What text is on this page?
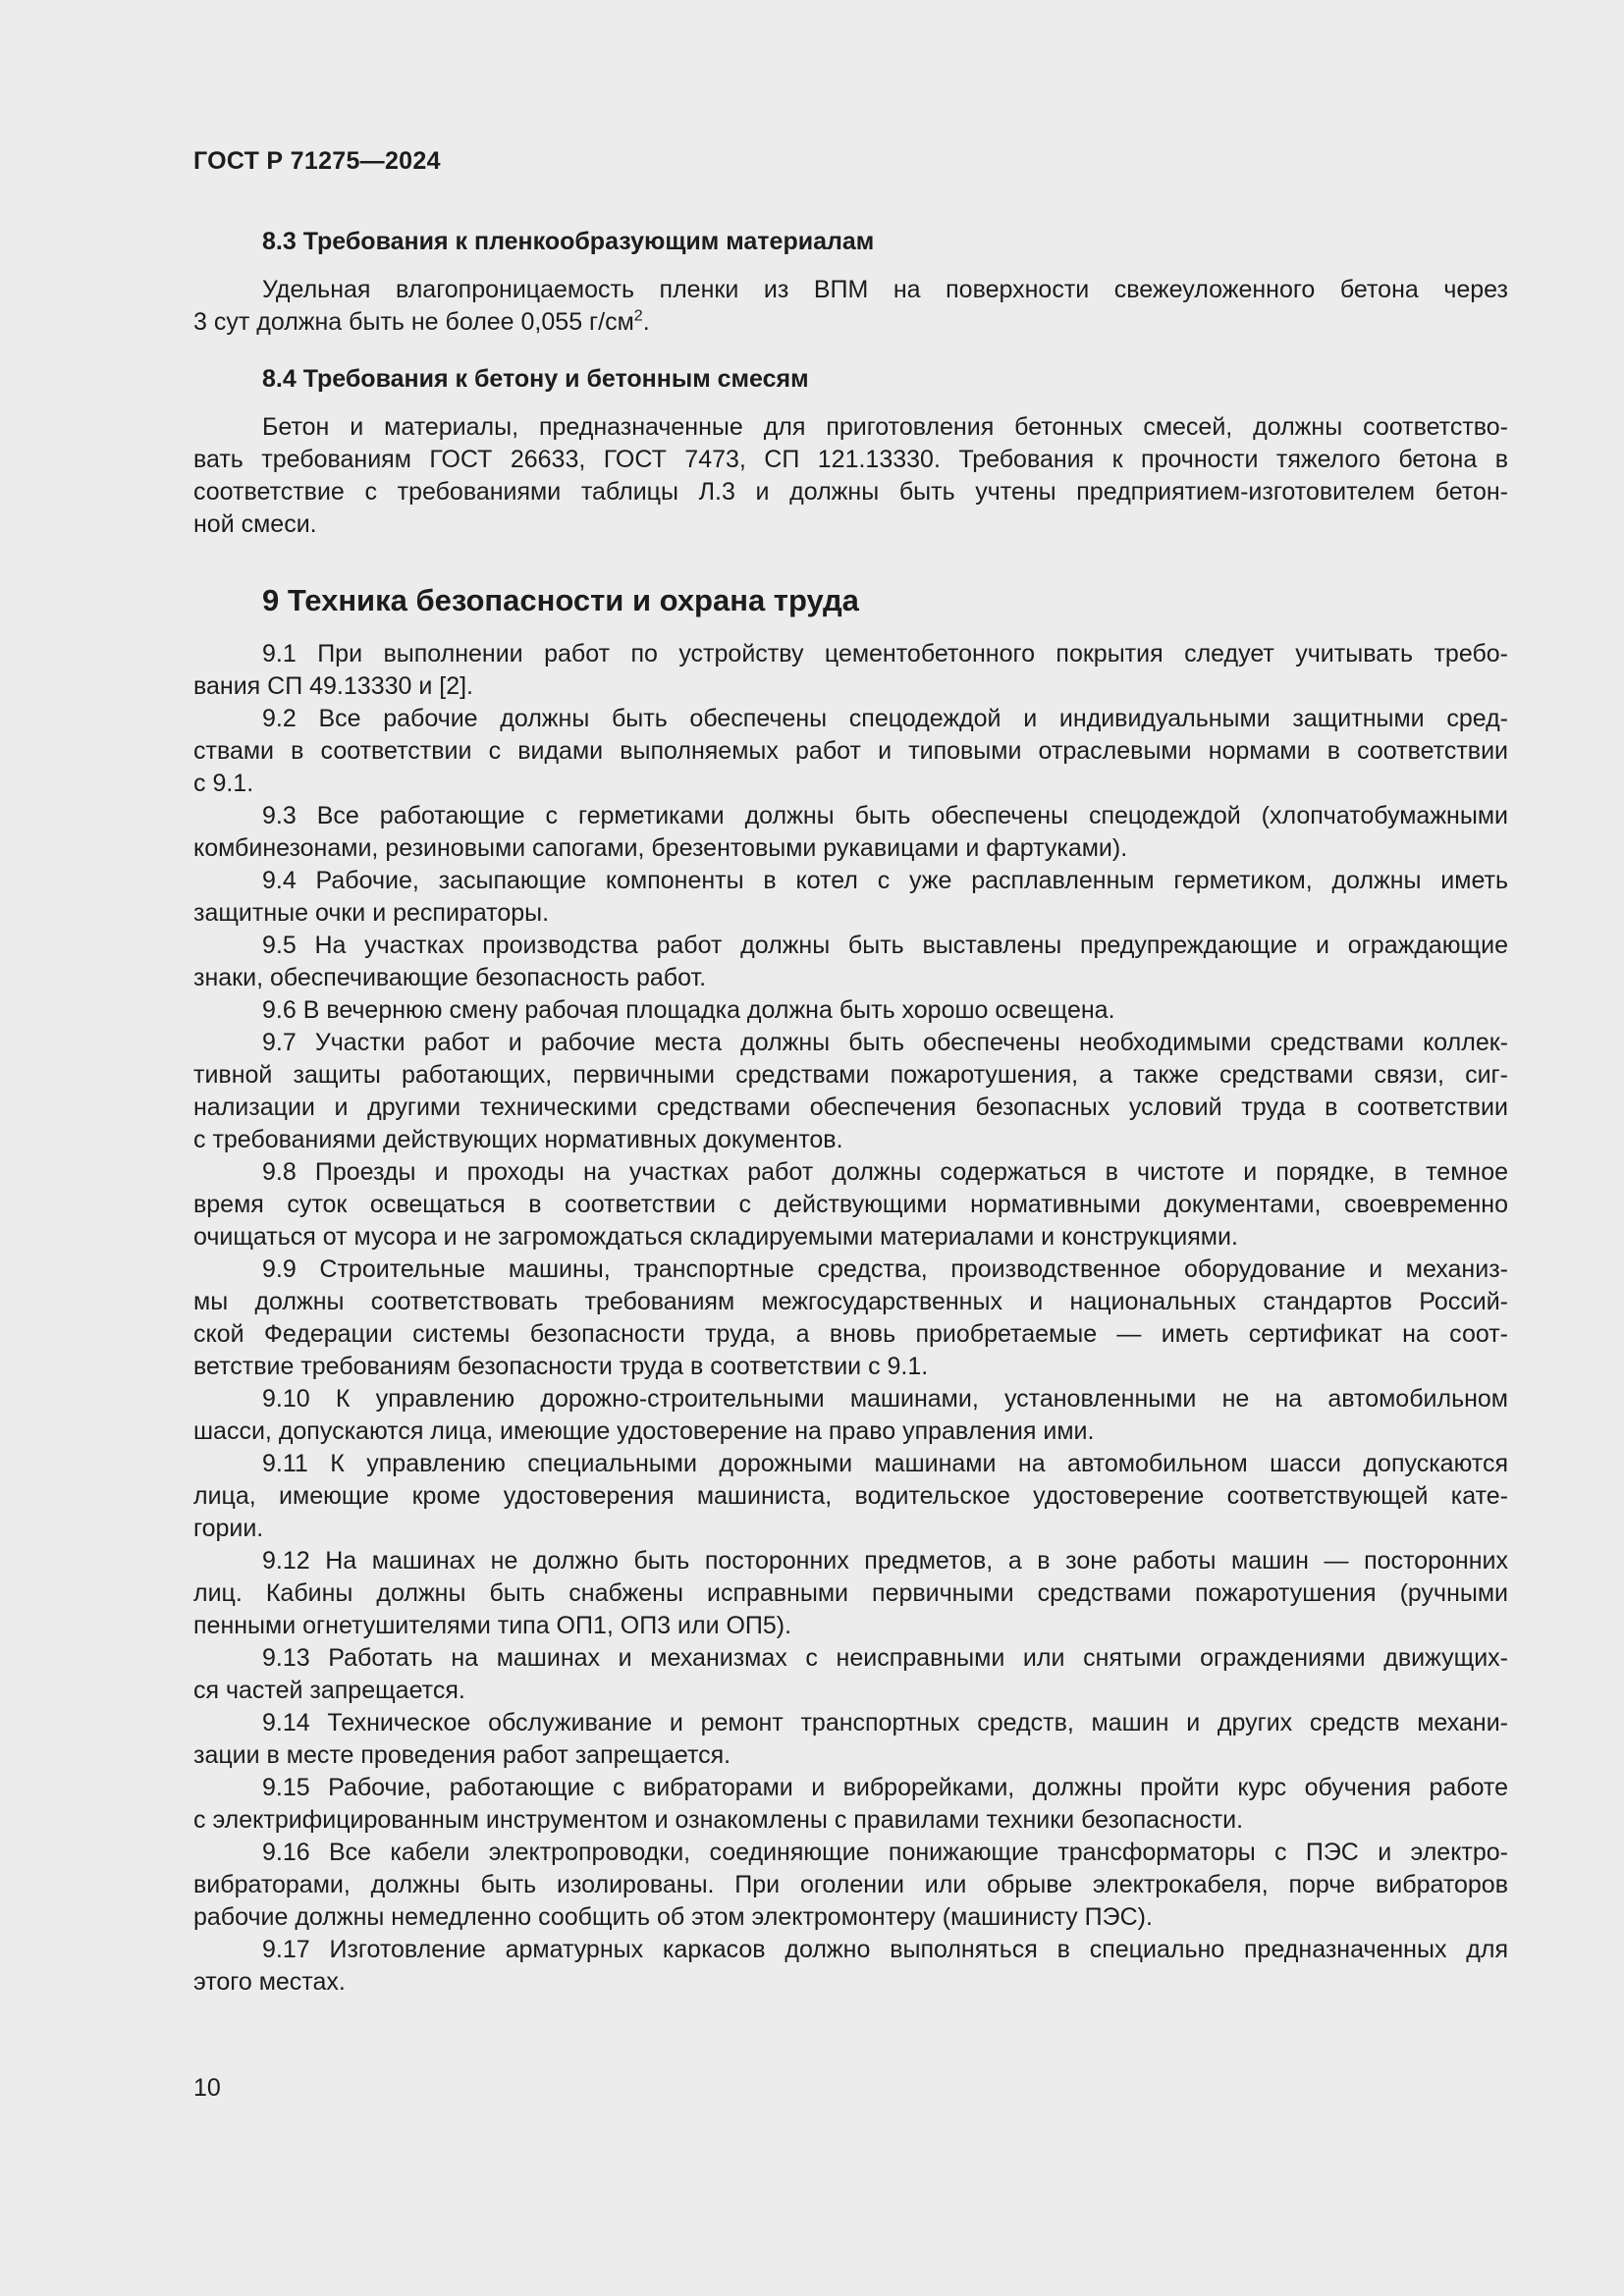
ГОСТ Р 71275—2024
8.3 Требования к пленкообразующим материалам
Удельная влагопроницаемость пленки из ВПМ на поверхности свежеуложенного бетона через
3 сут должна быть не более 0,055 $г/см^2$.
8.4 Требования к бетону и бетонным смесям
Бетон и материалы, предназначенные для приготовления бетонных смесей, должны соответство-
вать требованиям ГОСТ 26633, ГОСТ 7473, СП 121.13330. Требования к прочности тяжелого бетона в
соответствие с требованиями таблицы Л.3 и должны быть учтены предприятием-изготовителем бетон-
ной смеси.
9 Техника безопасности и охрана труда
9.1 При выполнении работ по устройству цементобетонного покрытия следует учитывать требо-
вания СП 49.13330 и [2].
9.2 Все рабочие должны быть обеспечены спецодеждой и индивидуальными защитными сред-
ствами в соответствии с видами выполняемых работ и типовыми отраслевыми нормами в соответствии
с 9.1.
9.3 Все работающие с герметиками должны быть обеспечены спецодеждой (хлопчатобумажными
комбинезонами, резиновыми сапогами, брезентовыми рукавицами и фартуками).
9.4 Рабочие, засыпающие компоненты в котел с уже расплавленным герметиком, должны иметь
защитные очки и респираторы.
9.5 На участках производства работ должны быть выставлены предупреждающие и ограждающие
знаки, обеспечивающие безопасность работ.
9.6 В вечернюю смену рабочая площадка должна быть хорошо освещена.
9.7 Участки работ и рабочие места должны быть обеспечены необходимыми средствами коллек-
тивной защиты работающих, первичными средствами пожаротушения, а также средствами связи, сиг-
нализации и другими техническими средствами обеспечения безопасных условий труда в соответствии
с требованиями действующих нормативных документов.
9.8 Проезды и проходы на участках работ должны содержаться в чистоте и порядке, в темное
время суток освещаться в соответствии с действующими нормативными документами, своевременно
очищаться от мусора и не загромождаться складируемыми материалами и конструкциями.
9.9 Строительные машины, транспортные средства, производственное оборудование и механиз-
мы должны соответствовать требованиям межгосударственных и национальных стандартов Россий-
ской Федерации системы безопасности труда, а вновь приобретаемые — иметь сертификат на соот-
ветствие требованиям безопасности труда в соответствии с 9.1.
9.10 К управлению дорожно-строительными машинами, установленными не на автомобильном
шасси, допускаются лица, имеющие удостоверение на право управления ими.
9.11 К управлению специальными дорожными машинами на автомобильном шасси допускаются
лица, имеющие кроме удостоверения машиниста, водительское удостоверение соответствующей кате-
гории.
9.12 На машинах не должно быть посторонних предметов, а в зоне работы машин — посторонних
лиц. Кабины должны быть снабжены исправными первичными средствами пожаротушения (ручными
пенными огнетушителями типа ОП1, ОП3 или ОП5).
9.13 Работать на машинах и механизмах с неисправными или снятыми ограждениями движущих-
ся частей запрещается.
9.14 Техническое обслуживание и ремонт транспортных средств, машин и других средств механи-
зации в месте проведения работ запрещается.
9.15 Рабочие, работающие с вибраторами и виброрейками, должны пройти курс обучения работе
с электрифицированным инструментом и ознакомлены с правилами техники безопасности.
9.16 Все кабели электропроводки, соединяющие понижающие трансформаторы с ПЭС и электро-
вибраторами, должны быть изолированы. При оголении или обрыве электрокабеля, порче вибраторов
рабочие должны немедленно сообщить об этом электромонтеру (машинисту ПЭС).
9.17 Изготовление арматурных каркасов должно выполняться в специально предназначенных для
этого местах.
10
